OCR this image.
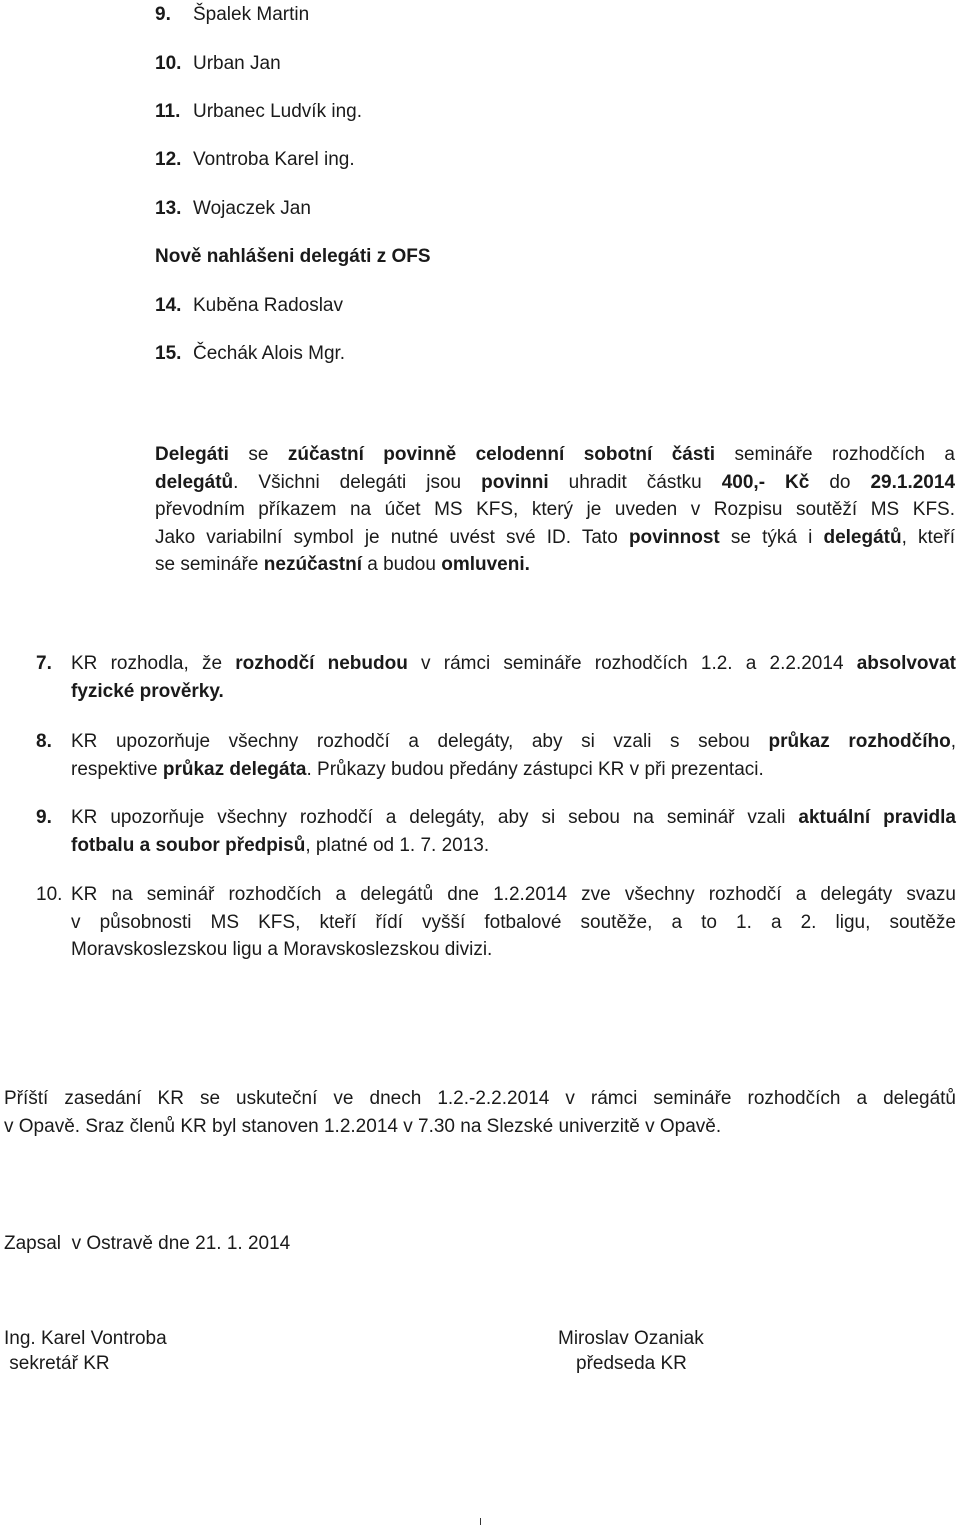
9. Špalek Martin
10. Urban Jan
11. Urbanec Ludvík ing.
12. Vontroba Karel ing.
13. Wojaczek Jan
Nově nahlášeni delegáti z OFS
14. Kuběna Radoslav
15. Čechák Alois Mgr.
Delegáti se zúčastní povinně celodenní sobotní části semináře rozhodčích a
delegátů. Všichni delegáti jsou povinni uhradit částku 400,- Kč do 29.1.2014
převodním příkazem na účet MS KFS, který je uveden v Rozpisu soutěží MS KFS.
Jako variabilní symbol je nutné uvést své ID. Tato povinnost se týká i delegátů, kteří
se semináře nezúčastní a budou omluveni.
7. KR rozhodla, že rozhodčí nebudou v rámci semináře rozhodčích 1.2. a 2.2.2014 absolvovat
fyzické prověrky.
8. KR upozorňuje všechny rozhodčí a delegáty, aby si vzali s sebou průkaz rozhodčího,
respektive průkaz delegáta. Průkazy budou předány zástupci KR v při prezentaci.
9. KR upozorňuje všechny rozhodčí a delegáty, aby si sebou na seminář vzali aktuální pravidla
fotbalu a soubor předpisů, platné od 1. 7. 2013.
10. KR na seminář rozhodčích a delegátů dne 1.2.2014 zve všechny rozhodčí a delegáty svazu
v působnosti MS KFS, kteří řídí vyšší fotbalové soutěže, a to 1. a 2. ligu, soutěže
Moravskoslezskou ligu a Moravskoslezskou divizi.
Příští zasedání KR se uskuteční ve dnech 1.2.-2.2.2014 v rámci semináře rozhodčích a delegátů
v Opavě. Sraz členů KR byl stanoven 1.2.2014 v 7.30 na Slezské univerzitě v Opavě.
Zapsal  v Ostravě dne 21. 1. 2014
Ing. Karel Vontroba
sekretář KR
Miroslav Ozaniak
předseda KR
